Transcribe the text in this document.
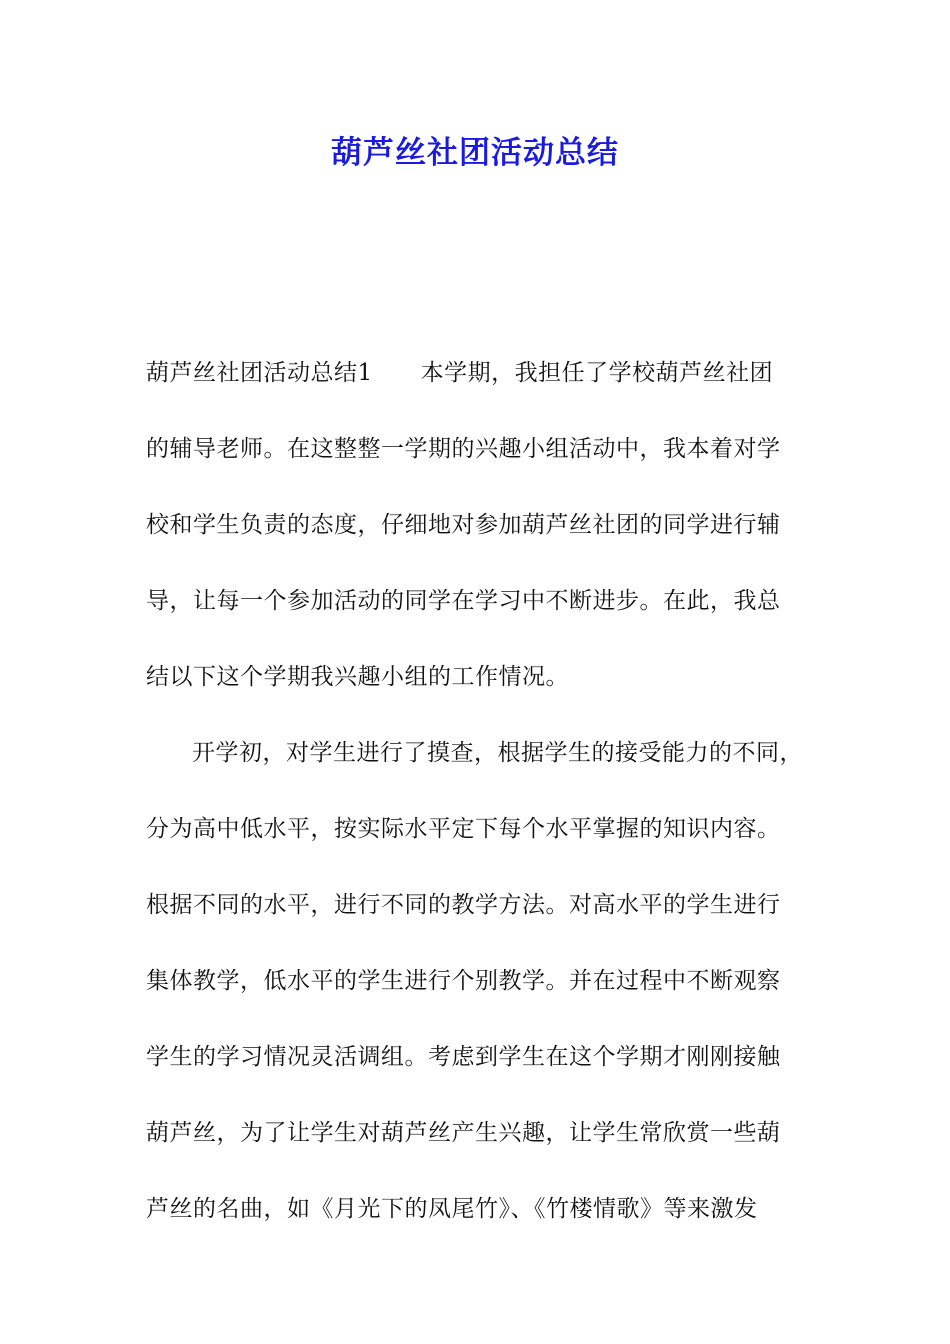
葫芦丝社团活动总结

葫芦丝社团活动总结1 本学期，我担任了学校葫芦丝社团

的辅导老师。在这整整一学期的兴趣小组活动中，我本着对学

校和学生负责的态度，仔细地对参加葫芦丝社团的同学进行辅

导，让每一个参加活动的同学在学习中不断进步。在此，我总

结以下这个学期我兴趣小组的工作情况。

开学初，对学生进行了摸查，根据学生的接受能力的不同，

分为高中低水平，按实际水平定下每个水平掌握的知识内容。

根据不同的水平，进行不同的教学方法。对高水平的学生进行

集体教学，低水平的学生进行个别教学。并在过程中不断观察

学生的学习情况灵活调组。考虑到学生在这个学期才刚刚接触

葫芦丝，为了让学生对葫芦丝产生兴趣，让学生常欣赏一些葫

芦丝的名曲，如《月光下的凤尾竹》、《竹楼情歌》等来激发
